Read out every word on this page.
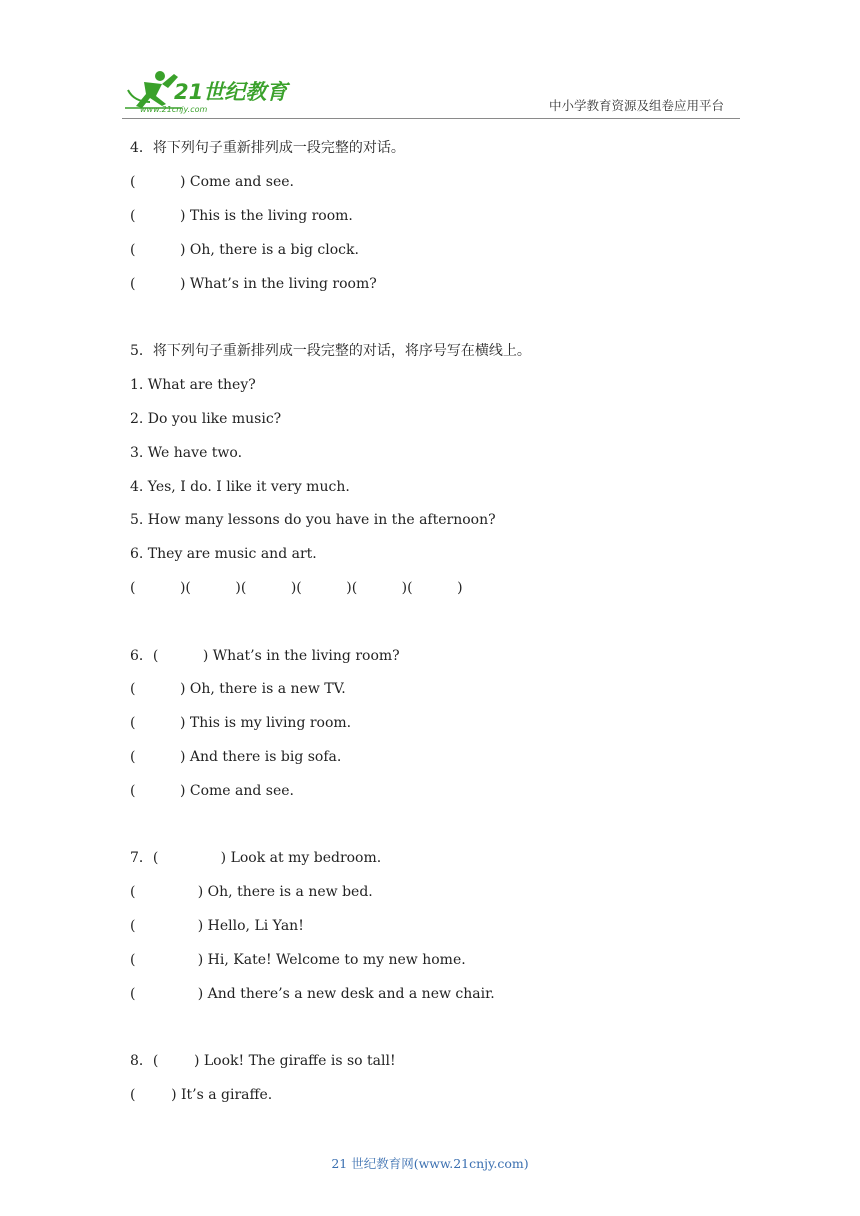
21世纪教育
www.21cnjy.com	中小学教育资源及组卷应用平台
4．将下列句子重新排列成一段完整的对话。
(          ) Come and see.
(          ) This is the living room.
(          ) Oh, there is a big clock.
(          ) What’s in the living room?
5．将下列句子重新排列成一段完整的对话，将序号写在横线上。
1. What are they?
2. Do you like music?
3. We have two.
4. Yes, I do. I like it very much.
5. How many lessons do you have in the afternoon?
6. They are music and art.
(          )(          )(          )(          )(          )(          )
6．(          ) What’s in the living room?
(          ) Oh, there is a new TV.
(          ) This is my living room.
(          ) And there is big sofa.
(          ) Come and see.
7．(              ) Look at my bedroom.
(              ) Oh, there is a new bed.
(              ) Hello, Li Yan!
(              ) Hi, Kate! Welcome to my new home.
(              ) And there’s a new desk and a new chair.
8．(        ) Look! The giraffe is so tall!
(        ) It’s a giraffe.
21 世纪教育网(www.21cnjy.com)
